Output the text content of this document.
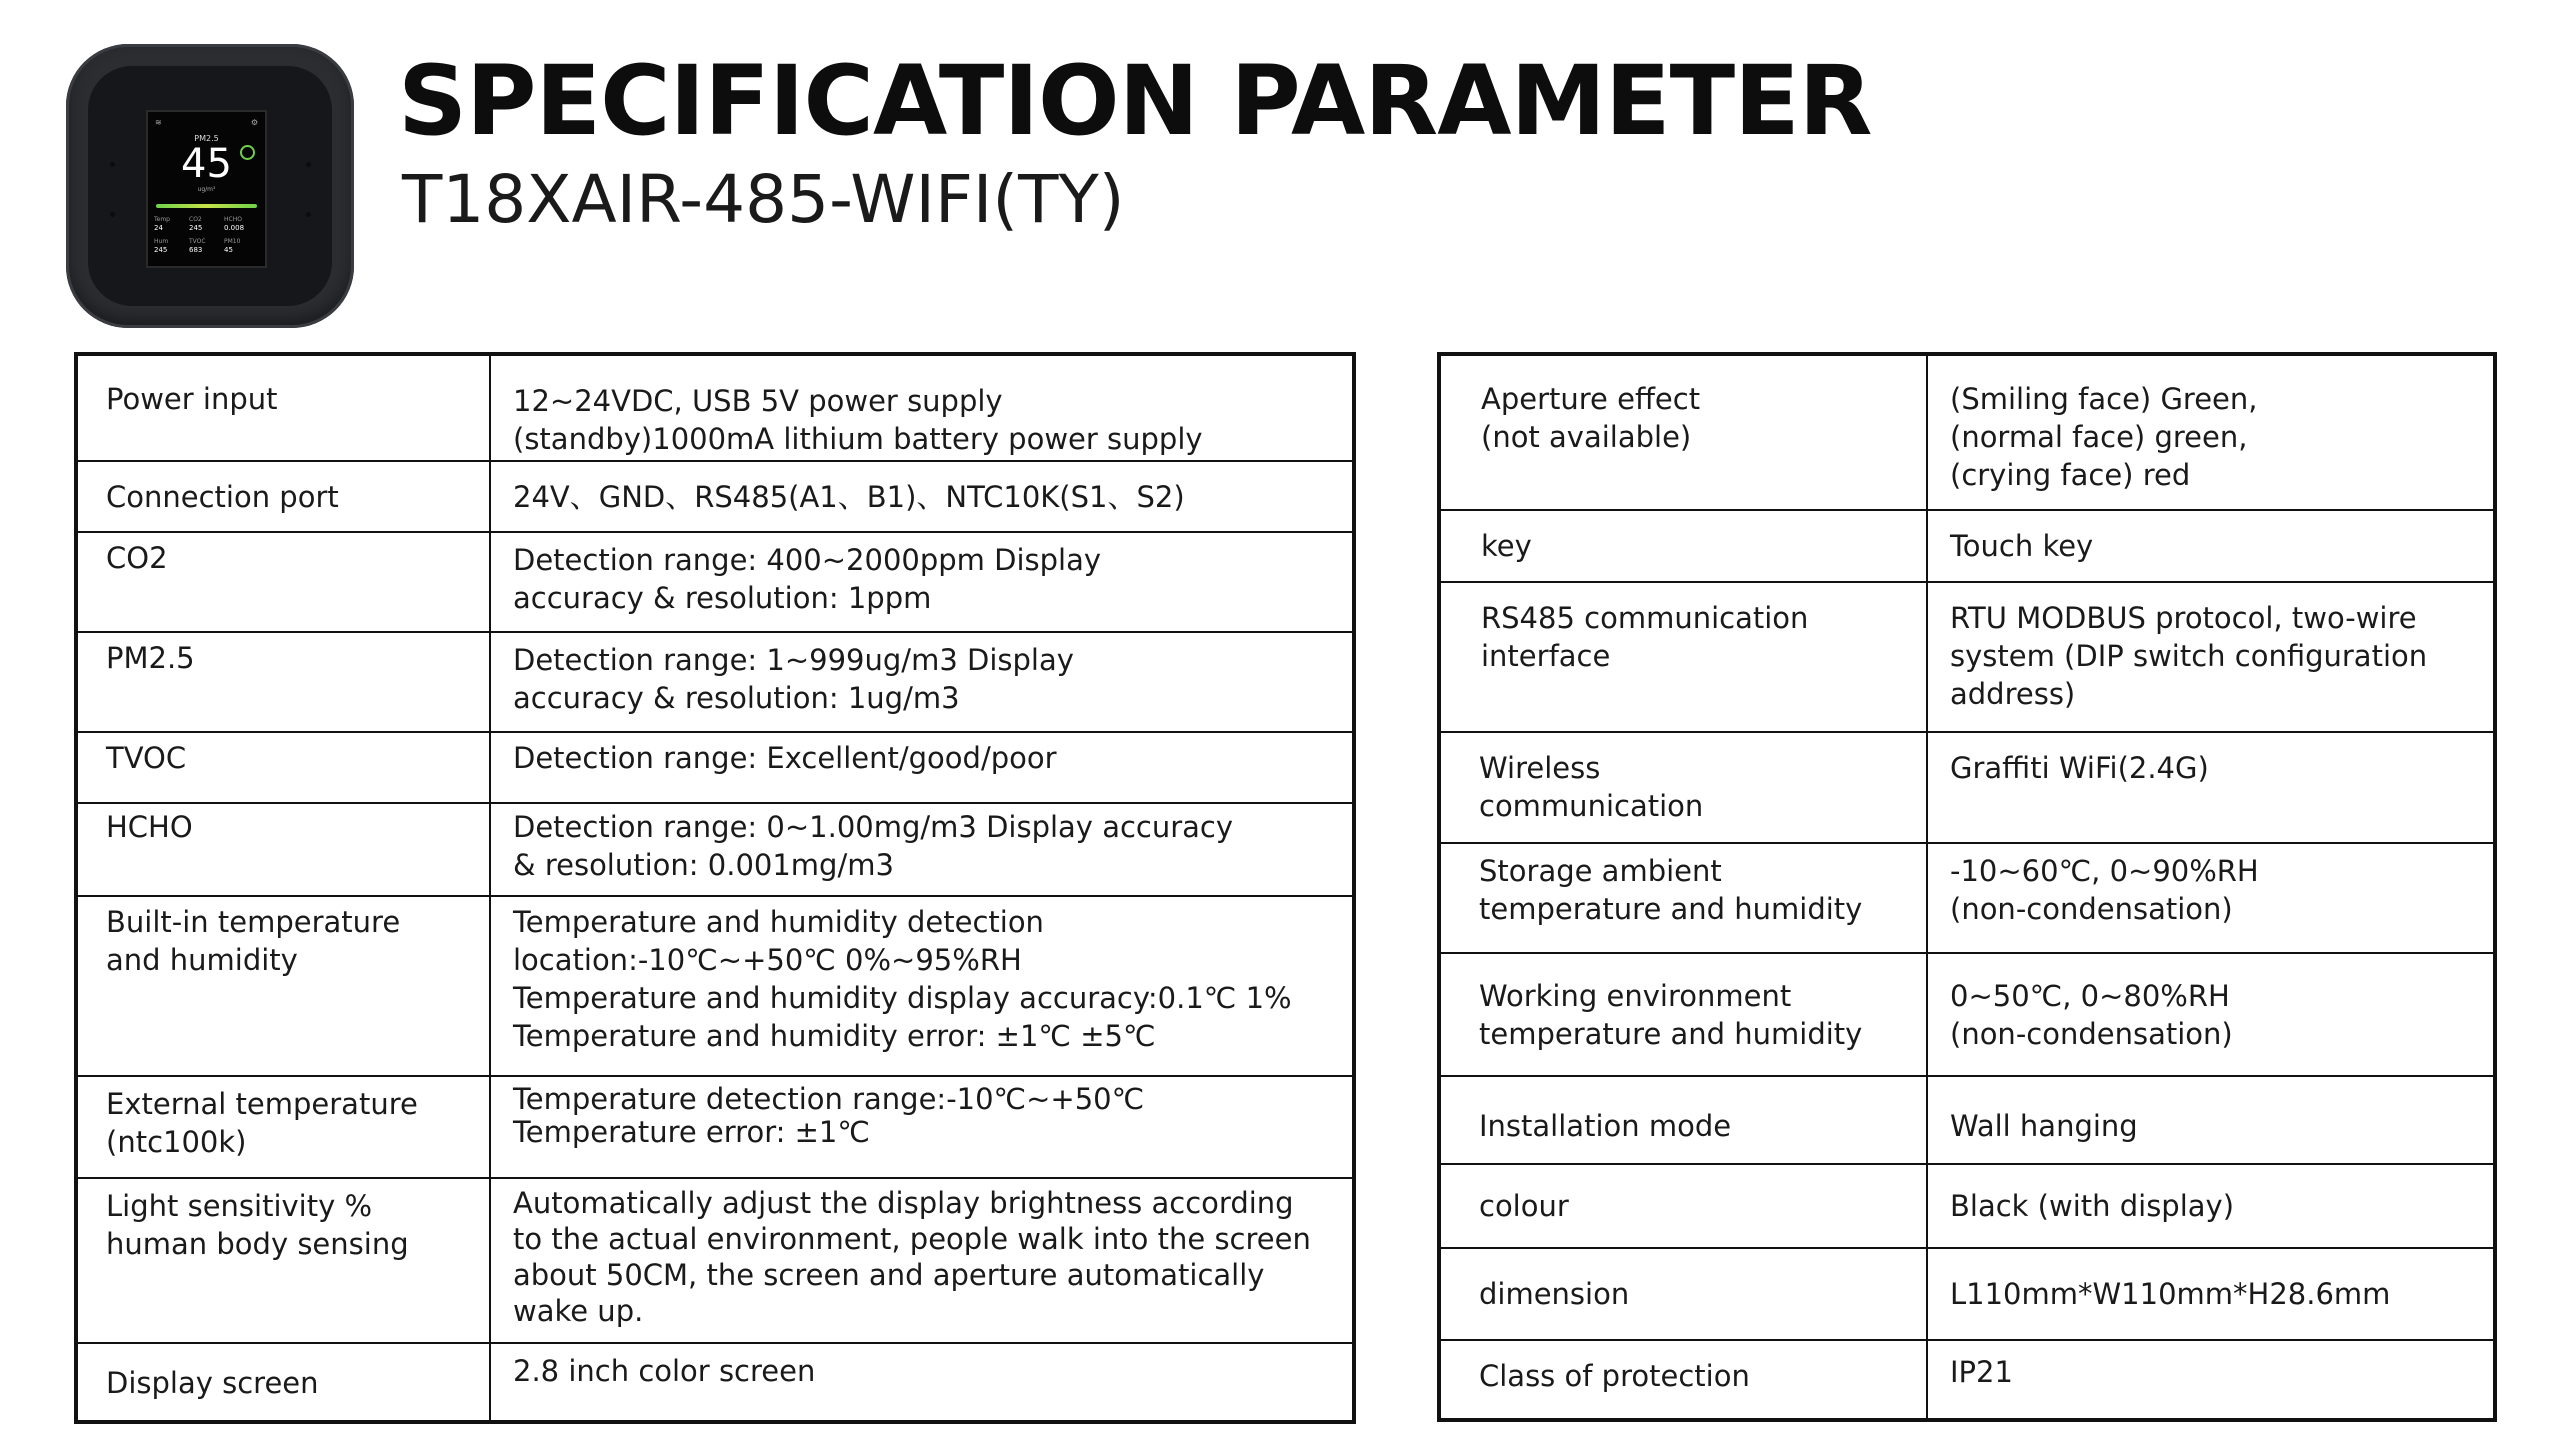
≋	⚙
PM2.5
45
ug/m³
Temp
24
CO2
245
HCHO
0.008
Hum
245
TVOC
683
PM10
45
SPECIFICATION PARAMETER
T18XAIR-485-WIFI(TY)
Power input	12~24VDC, USB 5V power supply
(standby)1000mA lithium battery power supply
Connection port	24V、GND、RS485(A1、B1)、NTC10K(S1、S2)
CO2	Detection range: 400~2000ppm Display
accuracy & resolution: 1ppm
PM2.5	Detection range: 1~999ug/m3 Display
accuracy & resolution: 1ug/m3
TVOC	Detection range: Excellent/good/poor
HCHO	Detection range: 0~1.00mg/m3 Display accuracy
& resolution: 0.001mg/m3
Built-in temperature
and humidity	Temperature and humidity detection
location:-10℃~+50℃ 0%~95%RH
Temperature and humidity display accuracy:0.1℃ 1%
Temperature and humidity error: ±1℃ ±5℃
External temperature
(ntc100k)	Temperature detection range:-10℃~+50℃
Temperature error: ±1℃
Light sensitivity %
human body sensing	Automatically adjust the display brightness according
to the actual environment, people walk into the screen
about 50CM, the screen and aperture automatically
wake up.
Display screen	2.8 inch color screen
Aperture effect
(not available)	(Smiling face) Green,
(normal face) green,
(crying face) red
key	Touch key
RS485 communication
interface	RTU MODBUS protocol, two-wire
system (DIP switch configuration
address)
Wireless
communication	Graffiti WiFi(2.4G)
Storage ambient
temperature and humidity	-10~60℃, 0~90%RH
(non-condensation)
Working environment
temperature and humidity	0~50℃, 0~80%RH
(non-condensation)
Installation mode	Wall hanging
colour	Black (with display)
dimension	L110mm*W110mm*H28.6mm
Class of protection	IP21
